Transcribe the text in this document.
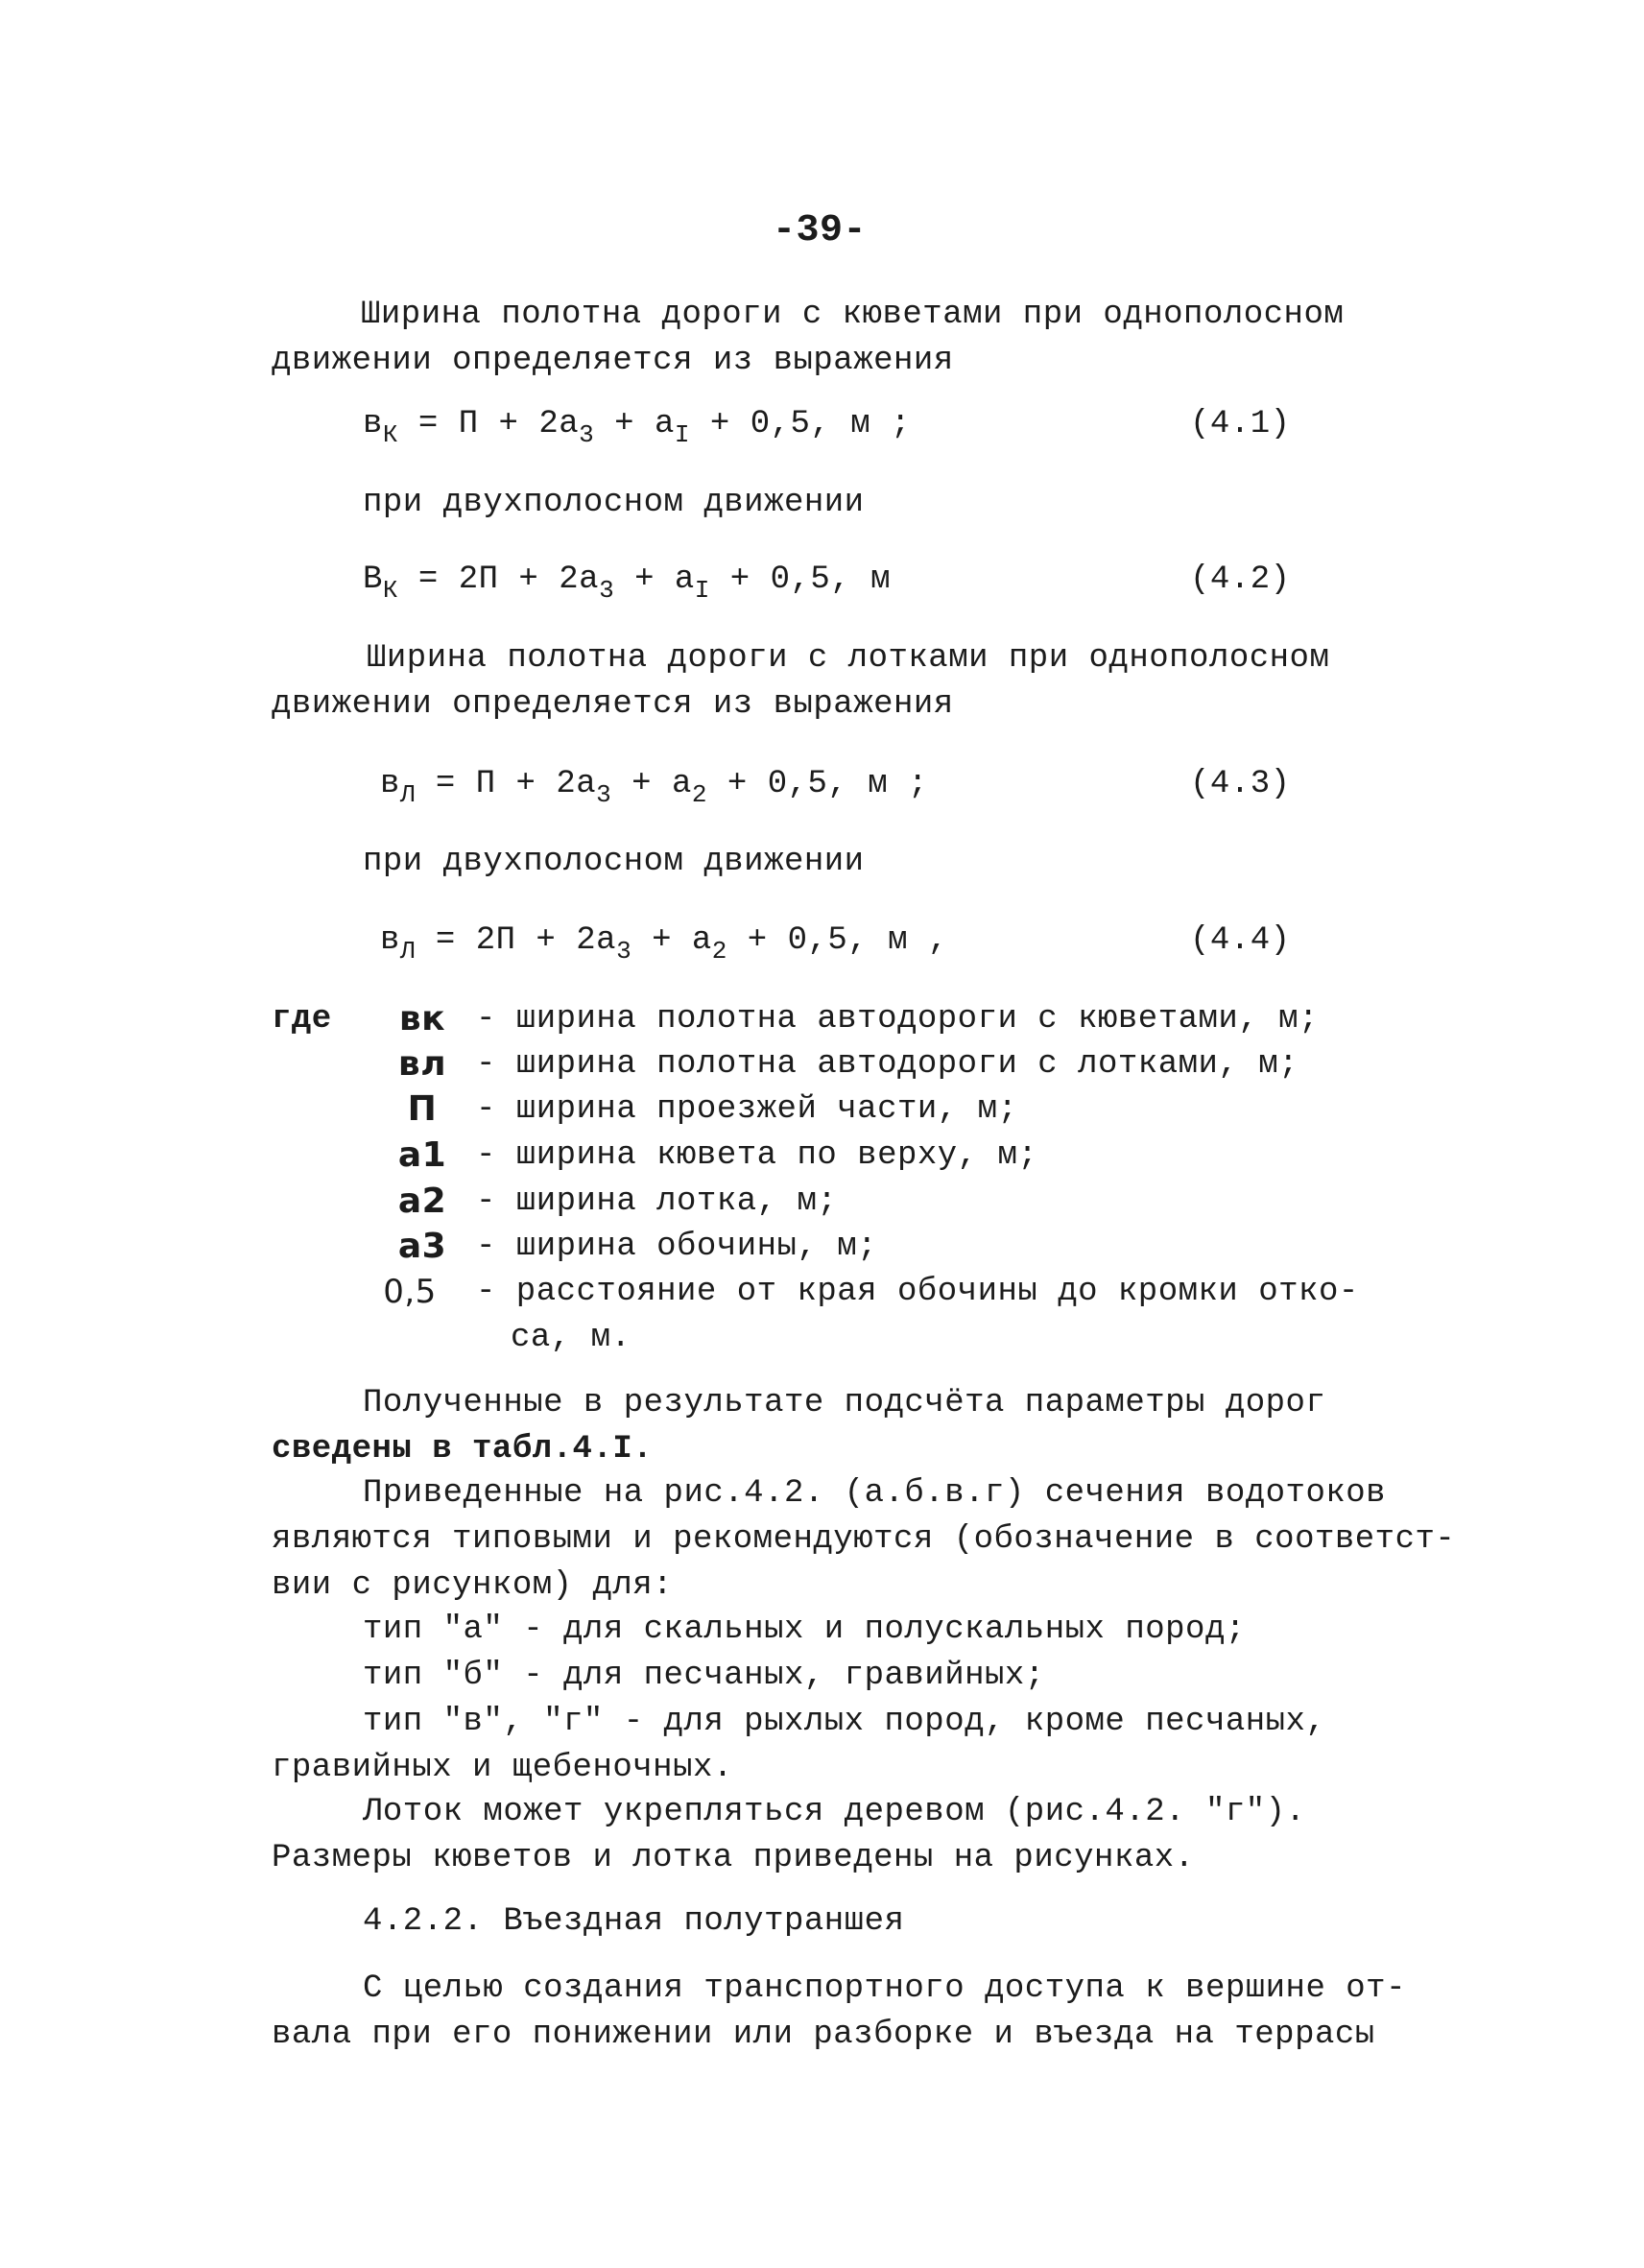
-39-
Ширина полотна дороги с кюветами при однополосном
движении определяется из выражения
$в_К = П + 2а_3 + а_I + 0,5$, м ;	(4.1)
при двухполосном движении
$В_К = 2П + 2а_3 + а_I + 0,5$, м	(4.2)
Ширина полотна дороги с лотками при однополосном
движении определяется из выражения
$в_Л = П + 2а_3 + а_2 + 0,5$, м ;	(4.3)
при двухполосном движении
$в_Л = 2П + 2а_3 + а_2 + 0,5$, м ,	(4.4)
где	вк - ширина полотна автодороги с кюветами, м;
вл - ширина полотна автодороги с лотками, м;
П	- ширина проезжей части, м;
а1 - ширина кювета по верху, м;
а2 - ширина лотка, м;
а3 - ширина обочины, м;
0,5	- расстояние от края обочины до кромки отко-
са, м.
Полученные в результате подсчёта параметры дорог
сведены в табл.4.I.
Приведенные на рис.4.2. (а.б.в.г) сечения водотоков
являются типовыми и рекомендуются (обозначение в соответст-
вии с рисунком) для:
тип "а" - для скальных и полускальных пород;
тип "б" - для песчаных, гравийных;
тип "в", "г" - для рыхлых пород, кроме песчаных,
гравийных и щебеночных.
Лоток может укрепляться деревом (рис.4.2. "г").
Размеры кюветов и лотка приведены на рисунках.
4.2.2. Въездная полутраншея
С целью создания транспортного доступа к вершине от-
вала при его понижении или разборке и въезда на террасы
